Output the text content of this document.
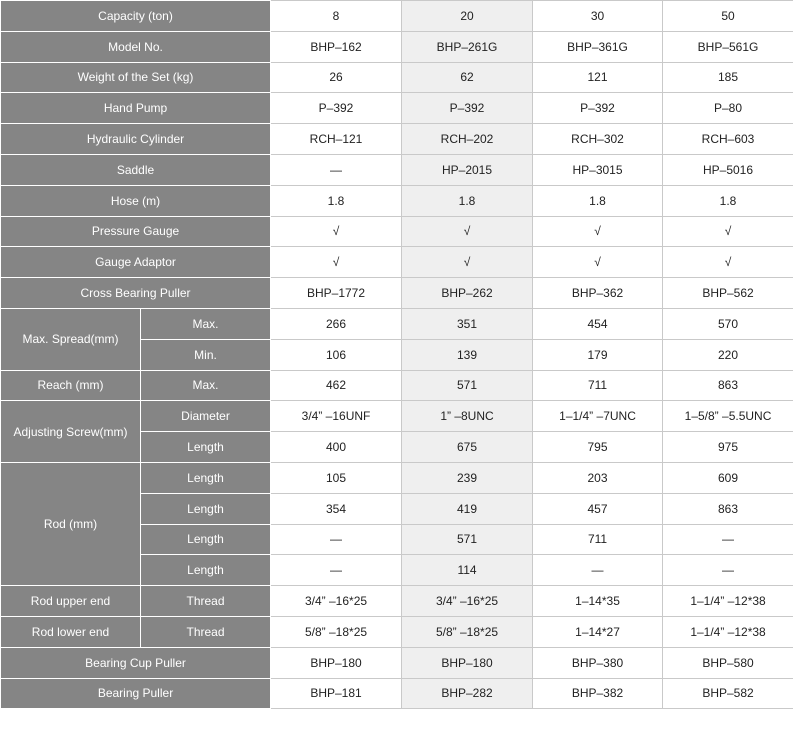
Capacity (ton)		8	20	30	50
Model No.		BHP–162	BHP–261G	BHP–361G	BHP–561G
Weight of the Set (kg)		26	62	121	185
Hand Pump		P–392	P–392	P–392	P–80
Hydraulic Cylinder		RCH–121	RCH–202	RCH–302	RCH–603
Saddle		—	HP–2015	HP–3015	HP–5016
Hose (m)		1.8	1.8	1.8	1.8
Pressure Gauge		√	√	√	√
Gauge Adaptor		√	√	√	√
Cross Bearing Puller		BHP–1772	BHP–262	BHP–362	BHP–562
Max. Spread(mm)	Max.	266	351	454	570
	Min.	106	139	179	220
Reach (mm)	Max.	462	571	711	863
Adjusting Screw(mm)	Diameter	3/4” –16UNF	1” –8UNC	1–1/4” –7UNC	1–5/8” –5.5UNC
	Length	400	675	795	975
Rod (mm)	Length	105	239	203	609
	Length	354	419	457	863
	Length	—	571	711	—
	Length	—	114	—	—
Rod upper end	Thread	3/4” –16*25	3/4” –16*25	1–14*35	1–1/4” –12*38
Rod lower end	Thread	5/8” –18*25	5/8” –18*25	1–14*27	1–1/4” –12*38
Bearing Cup Puller		BHP–180	BHP–180	BHP–380	BHP–580
Bearing Puller		BHP–181	BHP–282	BHP–382	BHP–582
